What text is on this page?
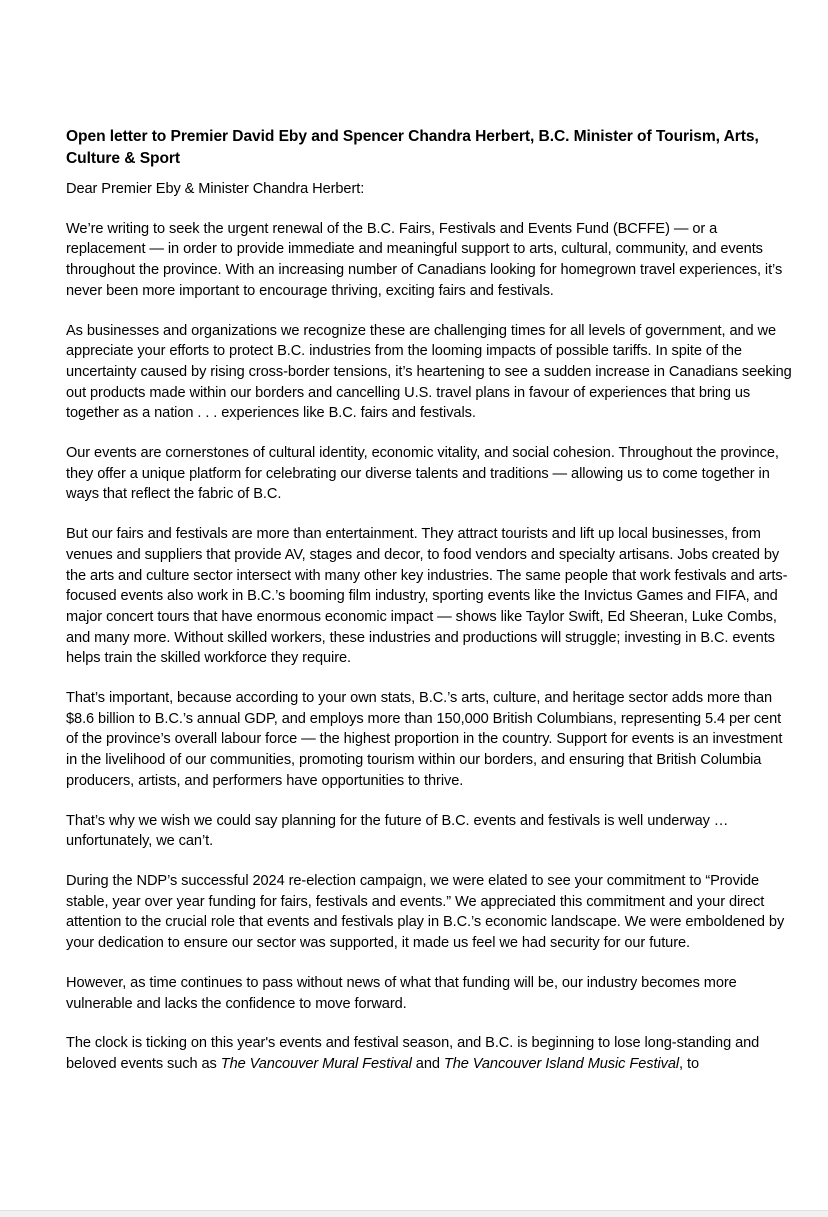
Open letter to Premier David Eby and Spencer Chandra Herbert, B.C. Minister of Tourism, Arts, Culture & Sport
Dear Premier Eby & Minister Chandra Herbert:

We’re writing to seek the urgent renewal of the B.C. Fairs, Festivals and Events Fund (BCFFE) — or a replacement — in order to provide immediate and meaningful support to arts, cultural, community, and events throughout the province. With an increasing number of Canadians looking for homegrown travel experiences, it’s never been more important to encourage thriving, exciting fairs and festivals.

As businesses and organizations we recognize these are challenging times for all levels of government, and we appreciate your efforts to protect B.C. industries from the looming impacts of possible tariffs. In spite of the uncertainty caused by rising cross-border tensions, it’s heartening to see a sudden increase in Canadians seeking out products made within our borders and cancelling U.S. travel plans in favour of experiences that bring us together as a nation . . . experiences like B.C. fairs and festivals.

Our events are cornerstones of cultural identity, economic vitality, and social cohesion. Throughout the province, they offer a unique platform for celebrating our diverse talents and traditions — allowing us to come together in ways that reflect the fabric of B.C.

But our fairs and festivals are more than entertainment. They attract tourists and lift up local businesses, from venues and suppliers that provide AV, stages and decor, to food vendors and specialty artisans. Jobs created by the arts and culture sector intersect with many other key industries. The same people that work festivals and arts-focused events also work in B.C.’s booming film industry, sporting events like the Invictus Games and FIFA, and major concert tours that have enormous economic impact — shows like Taylor Swift, Ed Sheeran, Luke Combs, and many more. Without skilled workers, these industries and productions will struggle; investing in B.C. events helps train the skilled workforce they require.

That’s important, because according to your own stats, B.C.’s arts, culture, and heritage sector adds more than $8.6 billion to B.C.’s annual GDP, and employs more than 150,000 British Columbians, representing 5.4 per cent of the province’s overall labour force — the highest proportion in the country. Support for events is an investment in the livelihood of our communities, promoting tourism within our borders, and ensuring that British Columbia producers, artists, and performers have opportunities to thrive.

That’s why we wish we could say planning for the future of B.C. events and festivals is well underway … unfortunately, we can’t.

During the NDP’s successful 2024 re-election campaign, we were elated to see your commitment to “Provide stable, year over year funding for fairs, festivals and events.” We appreciated this commitment and your direct attention to the crucial role that events and festivals play in B.C.’s economic landscape. We were emboldened by your dedication to ensure our sector was supported, it made us feel we had security for our future.

However, as time continues to pass without news of what that funding will be, our industry becomes more vulnerable and lacks the confidence to move forward.

The clock is ticking on this year's events and festival season, and B.C. is beginning to lose long-standing and beloved events such as The Vancouver Mural Festival and The Vancouver Island Music Festival, to
